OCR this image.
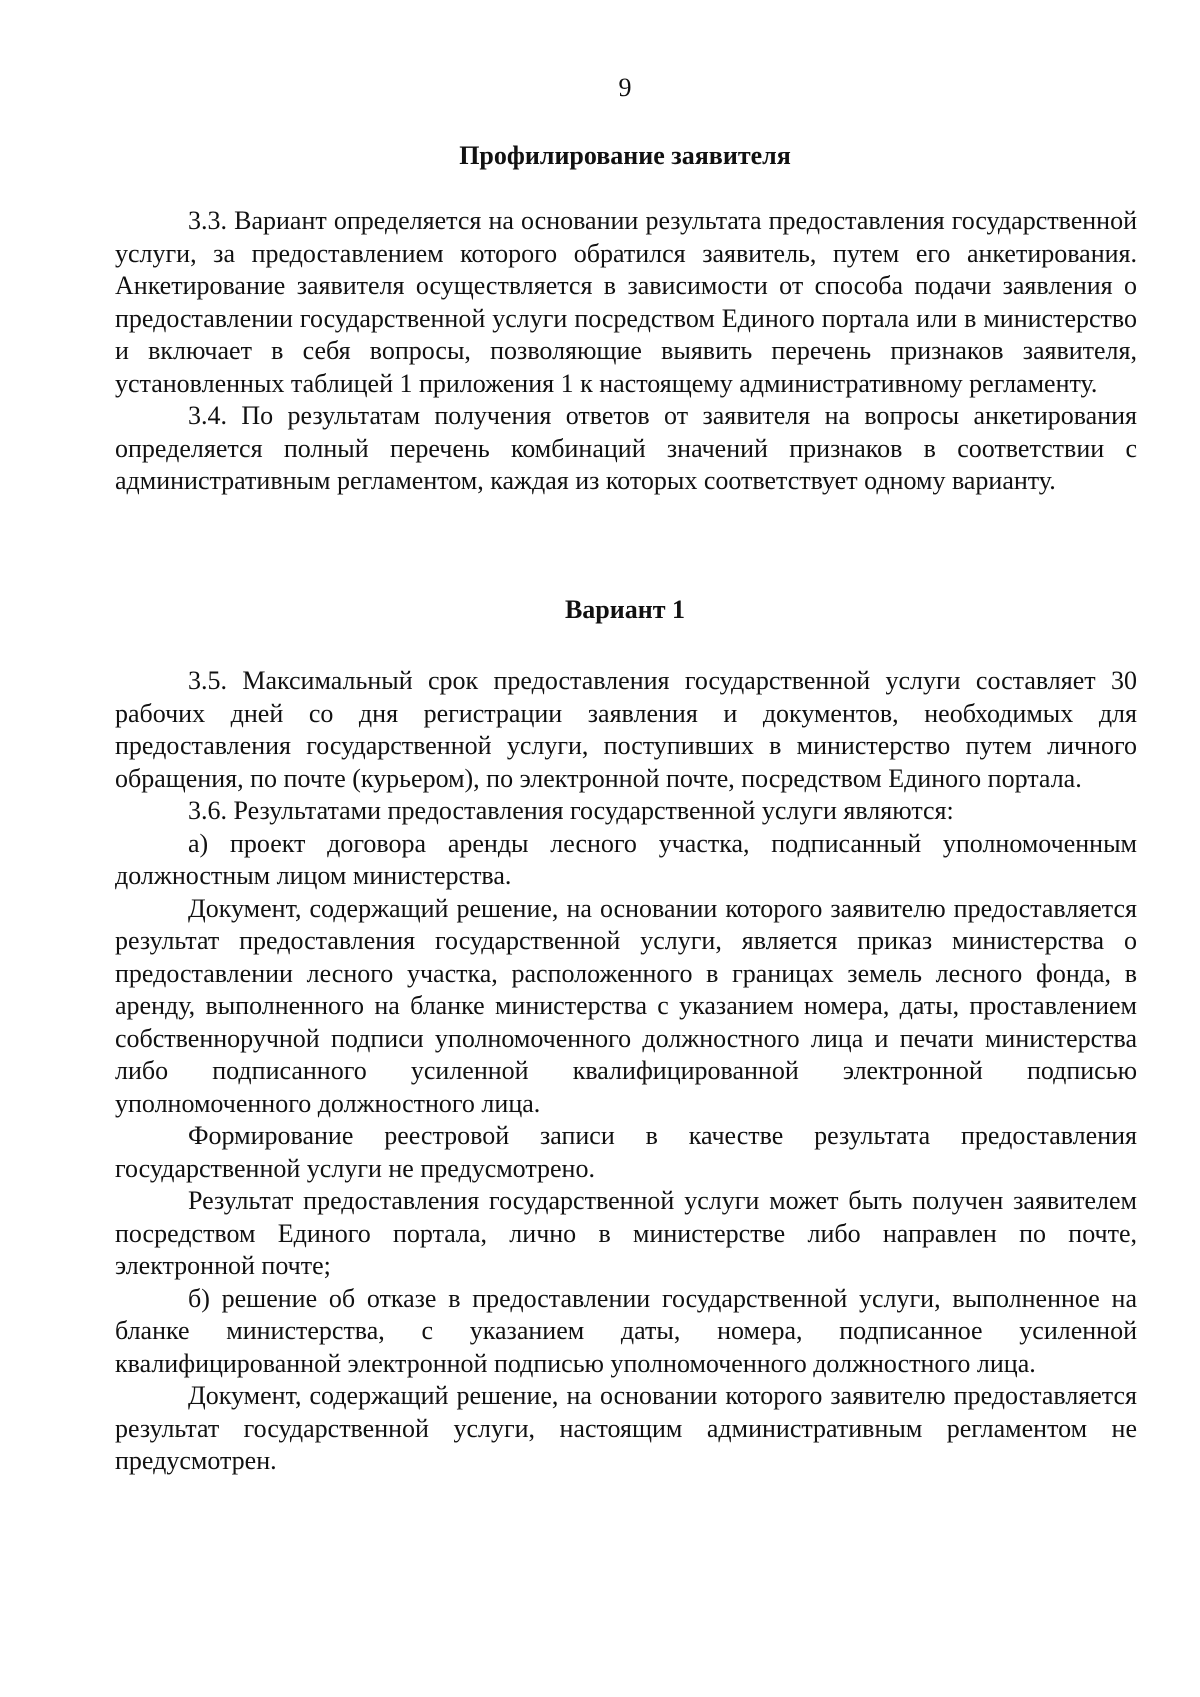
9
Профилирование заявителя

3.3. Вариант определяется на основании результата предоставления государственной услуги, за предоставлением которого обратился заявитель, путем его анкетирования. Анкетирование заявителя осуществляется в зависимости от способа подачи заявления о предоставлении государственной услуги посредством Единого портала или в министерство и включает в себя вопросы, позволяющие выявить перечень признаков заявителя, установленных таблицей 1 приложения 1 к настоящему административному регламенту.

3.4. По результатам получения ответов от заявителя на вопросы анкетирования определяется полный перечень комбинаций значений признаков в соответствии с административным регламентом, каждая из которых соответствует одному варианту.

Вариант 1

3.5. Максимальный срок предоставления государственной услуги составляет 30 рабочих дней со дня регистрации заявления и документов, необходимых для предоставления государственной услуги, поступивших в министерство путем личного обращения, по почте (курьером), по электронной почте, посредством Единого портала.

3.6. Результатами предоставления государственной услуги являются:

а) проект договора аренды лесного участка, подписанный уполномоченным должностным лицом министерства.

Документ, содержащий решение, на основании которого заявителю предоставляется результат предоставления государственной услуги, является приказ министерства о предоставлении лесного участка, расположенного в границах земель лесного фонда, в аренду, выполненного на бланке министерства с указанием номера, даты, проставлением собственноручной подписи уполномоченного должностного лица и печати министерства либо подписанного усиленной квалифицированной электронной подписью уполномоченного должностного лица.

Формирование реестровой записи в качестве результата предоставления государственной услуги не предусмотрено.

Результат предоставления государственной услуги может быть получен заявителем посредством Единого портала, лично в министерстве либо направлен по почте, электронной почте;

б) решение об отказе в предоставлении государственной услуги, выполненное на бланке министерства, с указанием даты, номера, подписанное усиленной квалифицированной электронной подписью уполномоченного должностного лица.

Документ, содержащий решение, на основании которого заявителю предоставляется результат государственной услуги, настоящим административным регламентом не предусмотрен.
